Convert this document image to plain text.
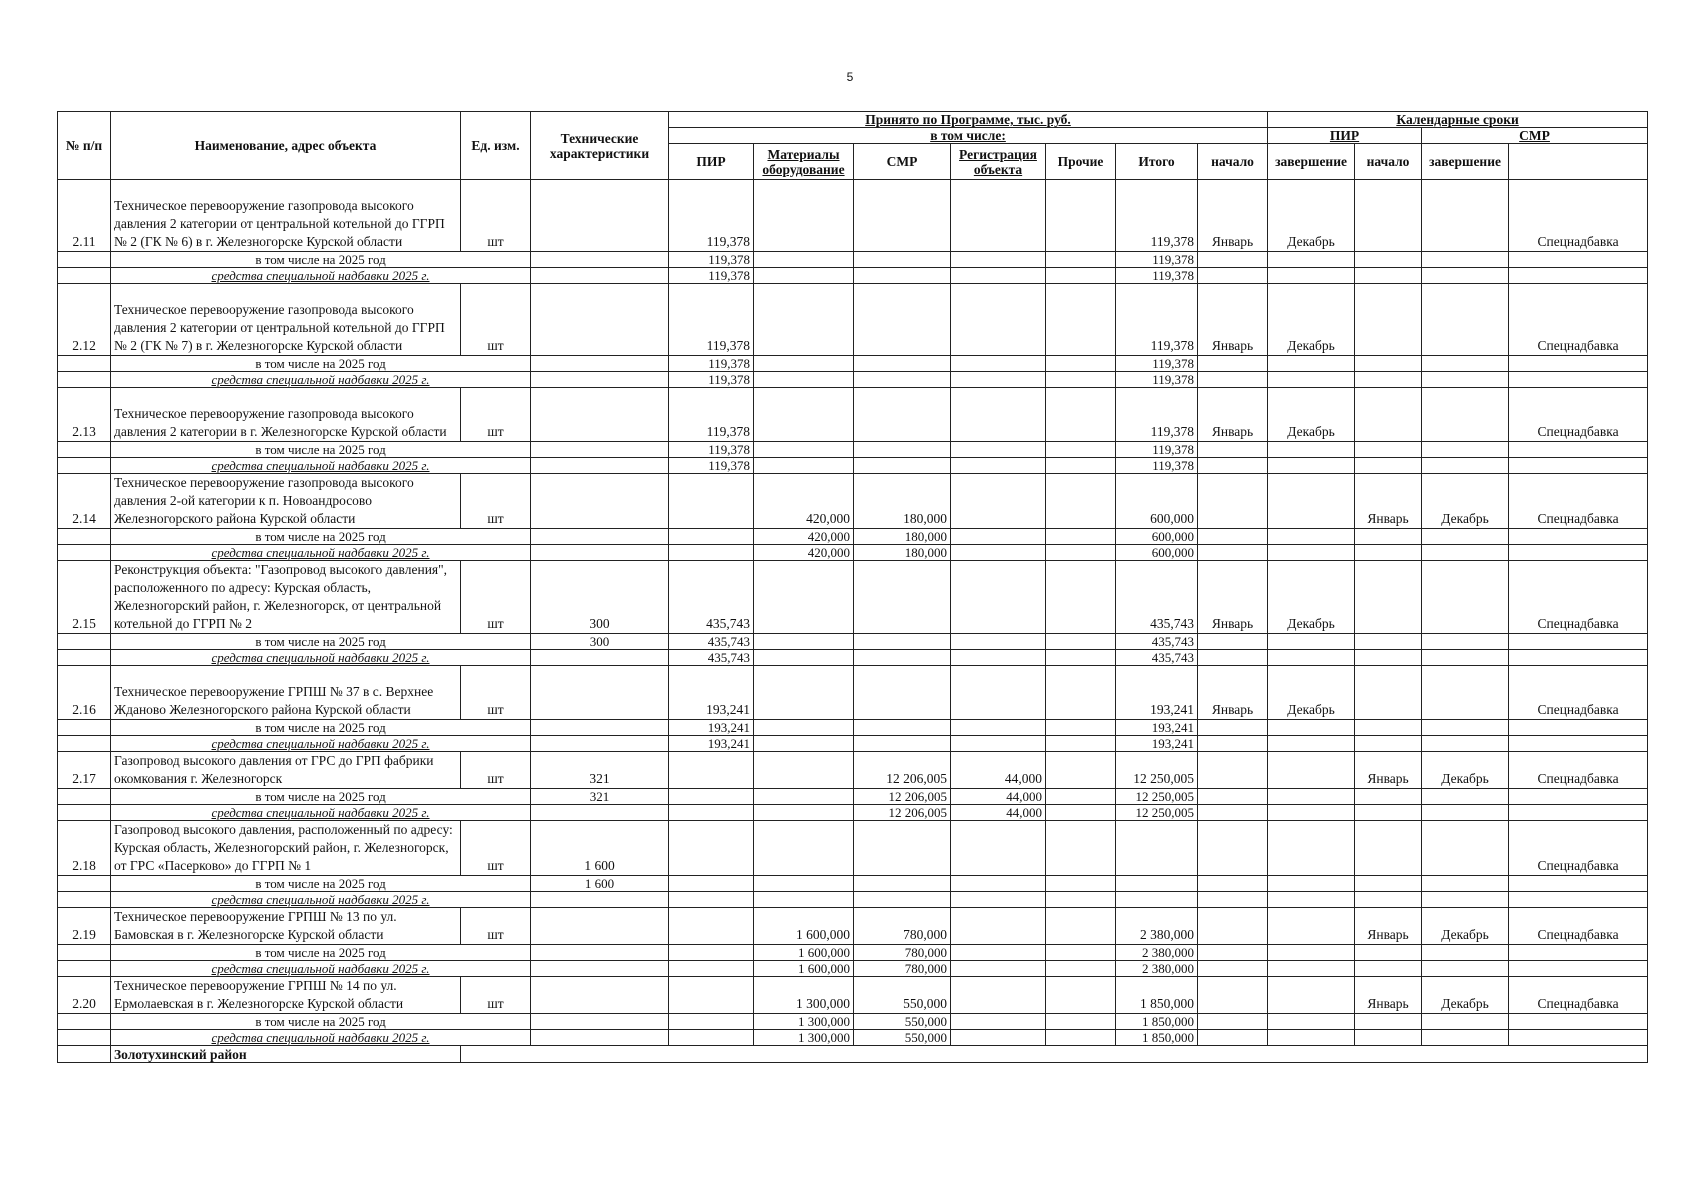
5
№ п/п	Наименование, адрес объекта	Ед. изм.	Технические характеристики	Принято по Программе, тыс. руб.							Календарные сроки	
				в том числе:							ПИР		СМР		
				ПИР	Материалы оборудование	СМР	Регистрация объекта	Прочие	Итого	начало	завершение	начало	завершение		
2.11	Техническое перевооружение газопровода высокого давления 2 категории от центральной котельной до ГГРП № 2 (ГК № 6) в г. Железногорске Курской области	шт		119,378					119,378	Январь	Декабрь			Спецнадбавка	
	в том числе на 2025 год			119,378					119,378						
	средства специальной надбавки 2025 г.			119,378					119,378						
2.12	Техническое перевооружение газопровода высокого давления 2 категории от центральной котельной до ГГРП № 2 (ГК № 7) в г. Железногорске Курской области	шт		119,378					119,378	Январь	Декабрь			Спецнадбавка	
	в том числе на 2025 год			119,378					119,378						
	средства специальной надбавки 2025 г.			119,378					119,378						
2.13	Техническое перевооружение газопровода высокого давления 2 категории в г. Железногорске Курской области	шт		119,378					119,378	Январь	Декабрь			Спецнадбавка	
	в том числе на 2025 год			119,378					119,378						
	средства специальной надбавки 2025 г.			119,378					119,378						
2.14	Техническое перевооружение газопровода высокого давления 2-ой категории к п. Новоандросово Железногорского района Курской области	шт			420,000	180,000			600,000			Январь	Декабрь	Спецнадбавка	
	в том числе на 2025 год				420,000	180,000			600,000						
	средства специальной надбавки 2025 г.				420,000	180,000			600,000						
2.15	Реконструкция объекта: "Газопровод высокого давления", расположенного по адресу: Курская область, Железногорский район, г. Железногорск, от центральной котельной до ГГРП № 2	шт	300	435,743					435,743	Январь	Декабрь			Спецнадбавка	
	в том числе на 2025 год		300	435,743					435,743						
	средства специальной надбавки 2025 г.			435,743					435,743						
2.16	Техническое перевооружение ГРПШ № 37 в с. Верхнее Жданово Железногорского района Курской области	шт		193,241					193,241	Январь	Декабрь			Спецнадбавка	
	в том числе на 2025 год			193,241					193,241						
	средства специальной надбавки 2025 г.			193,241					193,241						
2.17	Газопровод высокого давления от ГРС до ГРП фабрики окомкования г. Железногорск	шт	321			12 206,005	44,000		12 250,005			Январь	Декабрь	Спецнадбавка	
	в том числе на 2025 год		321			12 206,005	44,000		12 250,005						
	средства специальной надбавки 2025 г.					12 206,005	44,000		12 250,005						
2.18	Газопровод высокого давления, расположенный по адресу: Курская область, Железногорский район, г. Железногорск, от ГРС «Пасерково» до ГГРП № 1	шт	1 600											Спецнадбавка	
	в том числе на 2025 год		1 600												
	средства специальной надбавки 2025 г.														
2.19	Техническое перевооружение ГРПШ № 13 по ул. Бамовская в г. Железногорске Курской области	шт			1 600,000	780,000			2 380,000			Январь	Декабрь	Спецнадбавка	
	в том числе на 2025 год				1 600,000	780,000			2 380,000						
	средства специальной надбавки 2025 г.				1 600,000	780,000			2 380,000						
2.20	Техническое перевооружение ГРПШ № 14 по ул. Ермолаевская в г. Железногорске Курской области	шт			1 300,000	550,000			1 850,000			Январь	Декабрь	Спецнадбавка	
	в том числе на 2025 год				1 300,000	550,000			1 850,000						
	средства специальной надбавки 2025 г.				1 300,000	550,000			1 850,000						
	Золотухинский район														
